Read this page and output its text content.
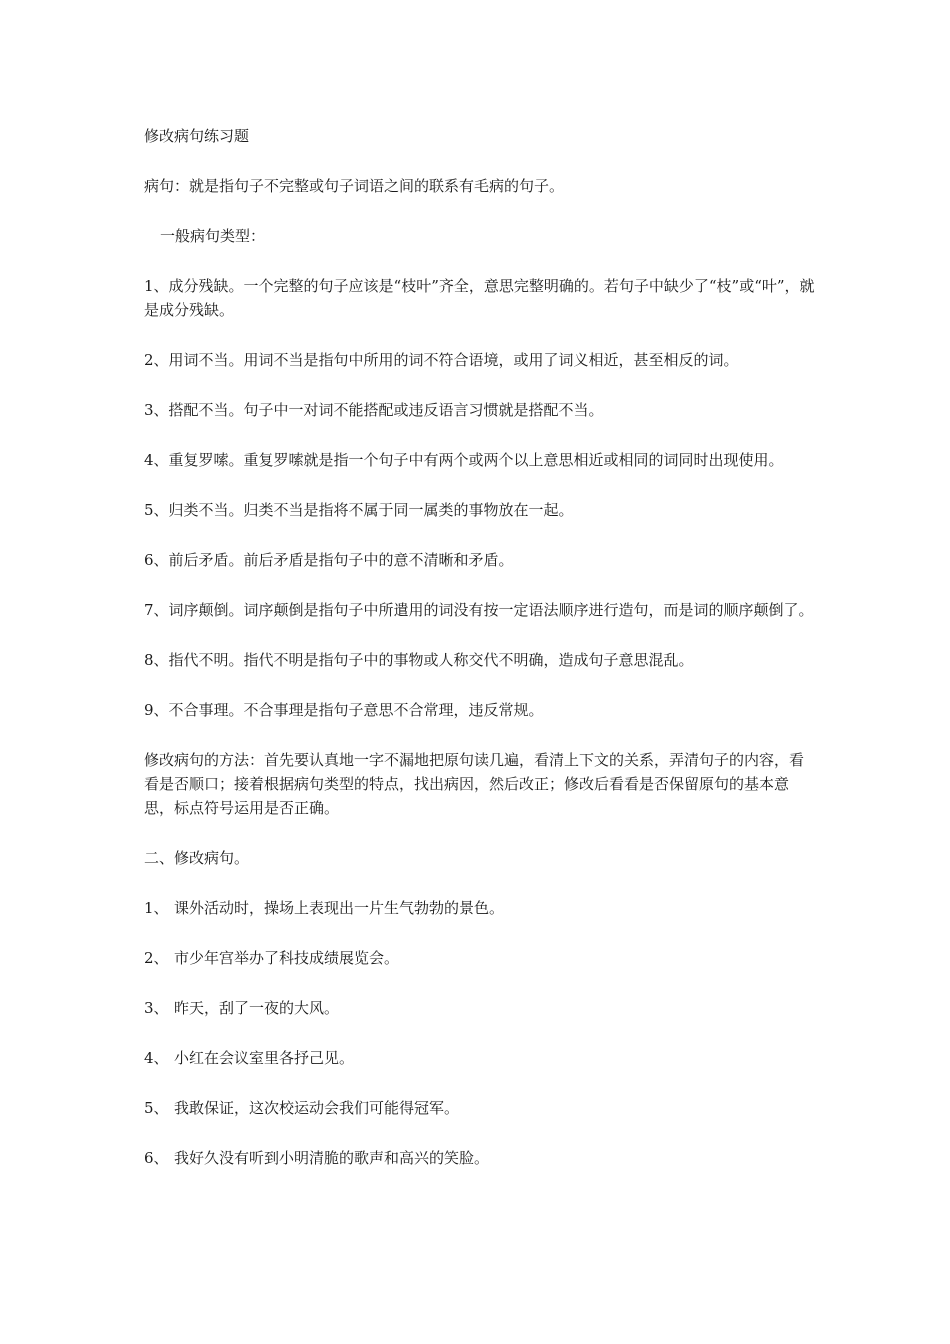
修改病句练习题

病句：就是指句子不完整或句子词语之间的联系有毛病的句子。

一般病句类型：

1、成分残缺。一个完整的句子应该是“枝叶”齐全，意思完整明确的。若句子中缺少了“枝”或“叶”，就是成分残缺。

2、用词不当。用词不当是指句中所用的词不符合语境，或用了词义相近，甚至相反的词。

3、搭配不当。句子中一对词不能搭配或违反语言习惯就是搭配不当。

4、重复罗嗦。重复罗嗦就是指一个句子中有两个或两个以上意思相近或相同的词同时出现使用。

5、归类不当。归类不当是指将不属于同一属类的事物放在一起。

6、前后矛盾。前后矛盾是指句子中的意不清晰和矛盾。

7、词序颠倒。词序颠倒是指句子中所遣用的词没有按一定语法顺序进行造句，而是词的顺序颠倒了。

8、指代不明。指代不明是指句子中的事物或人称交代不明确，造成句子意思混乱。

9、不合事理。不合事理是指句子意思不合常理，违反常规。

修改病句的方法：首先要认真地一字不漏地把原句读几遍，看清上下文的关系，弄清句子的内容，看看是否顺口；接着根据病句类型的特点，找出病因，然后改正；修改后看看是否保留原句的基本意思，标点符号运用是否正确。

二、修改病句。

1、 课外活动时，操场上表现出一片生气勃勃的景色。

2、 市少年宫举办了科技成绩展览会。

3、 昨天，刮了一夜的大风。

4、 小红在会议室里各抒己见。

5、 我敢保证，这次校运动会我们可能得冠军。

6、 我好久没有听到小明清脆的歌声和高兴的笑脸。
